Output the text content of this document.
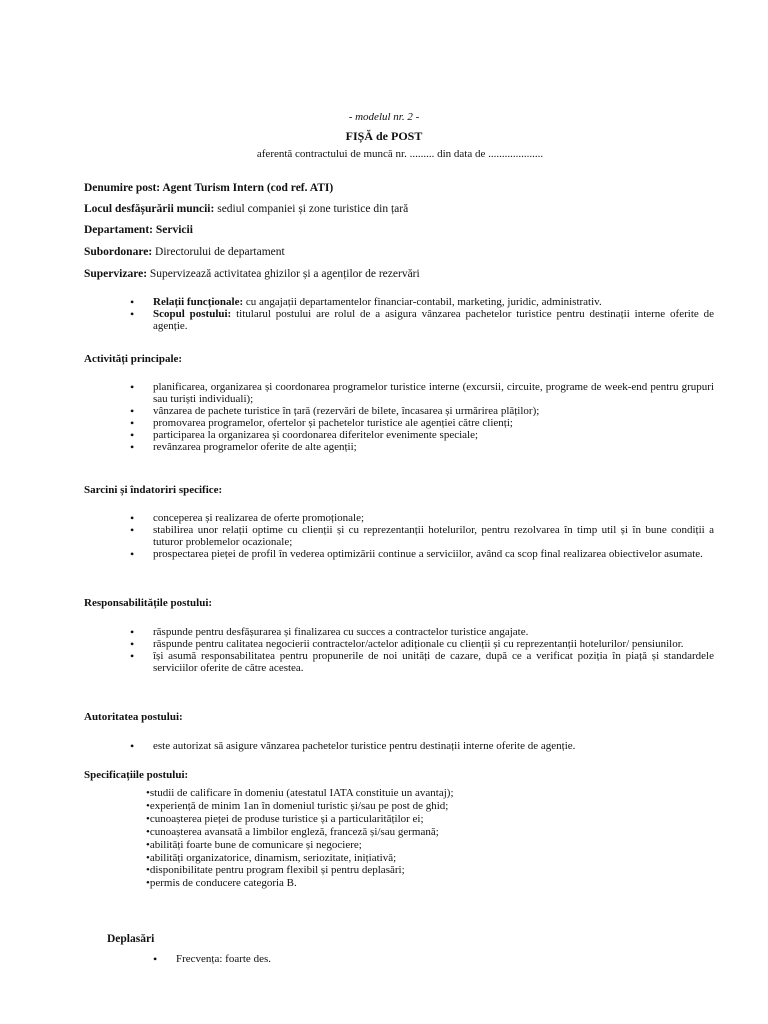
- modelul nr. 2 -
FIȘĂ de POST
aferentă contractului de muncă nr. ......... din data de ....................
Denumire post: Agent Turism Intern (cod ref. ATI)
Locul desfășurării muncii: sediul companiei și zone turistice din țară
Departament: Servicii
Subordonare: Directorului de departament
Supervizare: Supervizează activitatea ghizilor și a agenților de rezervări
• Relații funcționale: cu angajații departamentelor financiar-contabil, marketing, juridic, administrativ.
• Scopul postului: titularul postului are rolul de a asigura vânzarea pachetelor turistice pentru destinații interne oferite de agenție.
Activități principale:
• planificarea, organizarea și coordonarea programelor turistice interne (excursii, circuite, programe de week-end pentru grupuri sau turiști individuali);
• vânzarea de pachete turistice în țară (rezervări de bilete, încasarea și urmărirea plăților);
• promovarea programelor, ofertelor și pachetelor turistice ale agenției către clienți;
• participarea la organizarea și coordonarea diferitelor evenimente speciale;
• revânzarea programelor oferite de alte agenții;
Sarcini și îndatoriri specifice:
• conceperea și realizarea de oferte promoționale;
• stabilirea unor relații optime cu clienții și cu reprezentanții hotelurilor, pentru rezolvarea în timp util și în bune condiții a tuturor problemelor ocazionale;
• prospectarea pieței de profil în vederea optimizării continue a serviciilor, având ca scop final realizarea obiectivelor asumate.
Responsabilitățile postului:
• răspunde pentru desfășurarea și finalizarea cu succes a contractelor turistice angajate.
• răspunde pentru calitatea negocierii contractelor/actelor adiționale cu clienții și cu reprezentanții hotelurilor/ pensiunilor.
• își asumă responsabilitatea pentru propunerile de noi unități de cazare, după ce a verificat poziția în piață și standardele serviciilor oferite de către acestea.
Autoritatea postului:
• este autorizat să asigure vânzarea pachetelor turistice pentru destinații interne oferite de agenție.
Specificațiile postului:
•studii de calificare în domeniu (atestatul IATA constituie un avantaj);
•experiență de minim 1an în domeniul turistic și/sau pe post de ghid;
•cunoașterea pieței de produse turistice și a particularităților ei;
•cunoașterea avansată a limbilor engleză, franceză și/sau germană;
•abilități foarte bune de comunicare și negociere;
•abilități organizatorice, dinamism, seriozitate, inițiativă;
•disponibilitate pentru program flexibil și pentru deplasări;
•permis de conducere categoria B.
Deplasări
• Frecvența: foarte des.
